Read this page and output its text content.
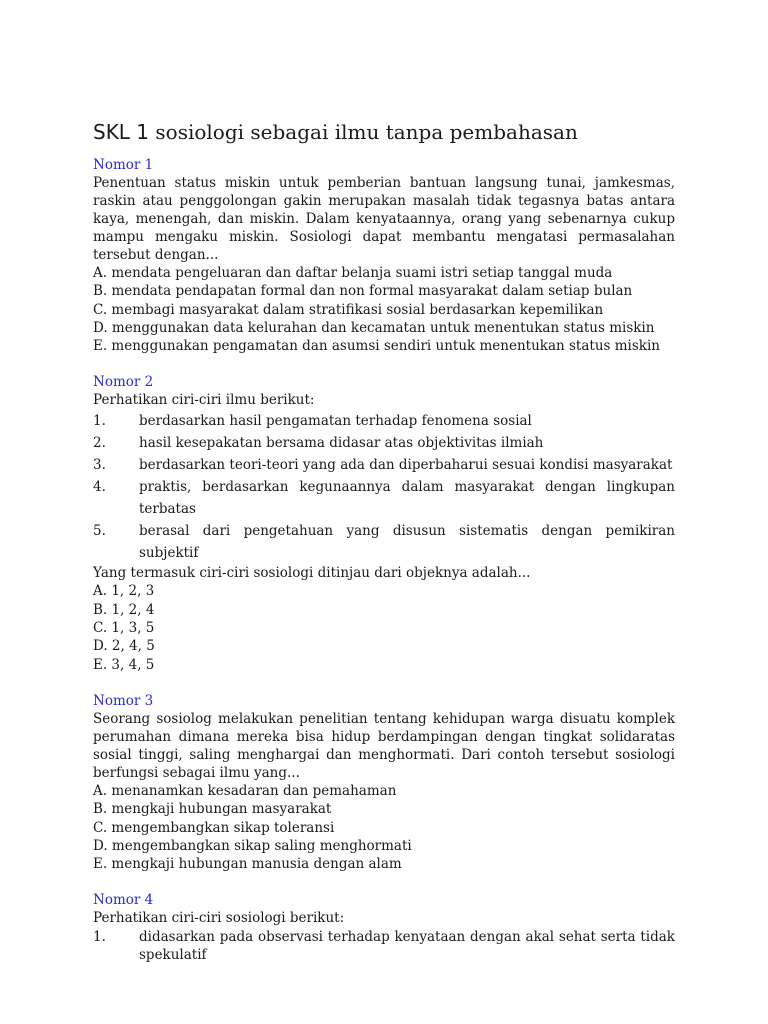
SKL 1 sosiologi sebagai ilmu tanpa pembahasan

Nomor 1

Penentuan status miskin untuk pemberian bantuan langsung tunai, jamkesmas, raskin atau penggolongan gakin merupakan masalah tidak tegasnya batas antara kaya, menengah, dan miskin. Dalam kenyataannya, orang yang sebenarnya cukup mampu mengaku miskin. Sosiologi dapat membantu mengatasi permasalahan tersebut dengan...

A. mendata pengeluaran dan daftar belanja suami istri setiap tanggal muda

B. mendata pendapatan formal dan non formal masyarakat dalam setiap bulan

C. membagi masyarakat dalam stratifikasi sosial berdasarkan kepemilikan

D. menggunakan data kelurahan dan kecamatan untuk menentukan status miskin

E. menggunakan pengamatan dan asumsi sendiri untuk menentukan status miskin

Nomor 2

Perhatikan ciri-ciri ilmu berikut:

1.	berdasarkan hasil pengamatan terhadap fenomena sosial
2.	hasil kesepakatan bersama didasar atas objektivitas ilmiah
3.	berdasarkan teori-teori yang ada dan diperbaharui sesuai kondisi masyarakat
4.	praktis, berdasarkan kegunaannya dalam masyarakat dengan lingkupan terbatas
5.	berasal dari pengetahuan yang disusun sistematis dengan pemikiran subjektif

Yang termasuk ciri-ciri sosiologi ditinjau dari objeknya adalah...

A. 1, 2, 3

B. 1, 2, 4

C. 1, 3, 5

D. 2, 4, 5

E. 3, 4, 5

Nomor 3

Seorang sosiolog melakukan penelitian tentang kehidupan warga disuatu komplek perumahan dimana mereka bisa hidup berdampingan dengan tingkat solidaratas sosial tinggi, saling menghargai dan menghormati. Dari contoh tersebut sosiologi berfungsi sebagai ilmu yang...

A. menanamkan kesadaran dan pemahaman

B. mengkaji hubungan masyarakat

C. mengembangkan sikap toleransi

D. mengembangkan sikap saling menghormati

E. mengkaji hubungan manusia dengan alam

Nomor 4

Perhatikan ciri-ciri sosiologi berikut:

1.	didasarkan pada observasi terhadap kenyataan dengan akal sehat serta tidak spekulatif
